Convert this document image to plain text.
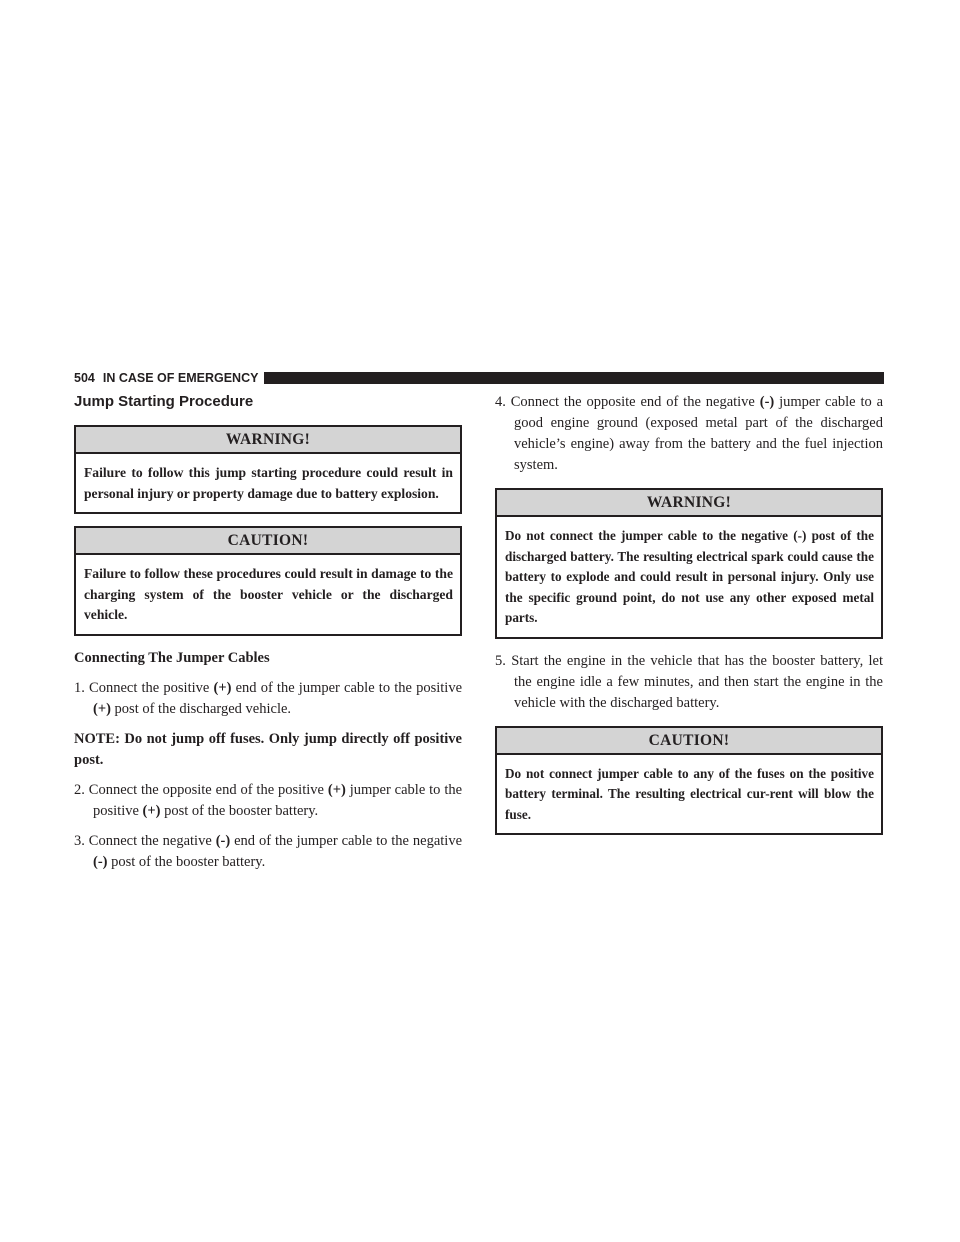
504 IN CASE OF EMERGENCY
Jump Starting Procedure
WARNING!
Failure to follow this jump starting procedure could result in personal injury or property damage due to battery explosion.
CAUTION!
Failure to follow these procedures could result in damage to the charging system of the booster vehicle or the discharged vehicle.
Connecting The Jumper Cables
1. Connect the positive (+) end of the jumper cable to the positive (+) post of the discharged vehicle.
NOTE: Do not jump off fuses. Only jump directly off positive post.
2. Connect the opposite end of the positive (+) jumper cable to the positive (+) post of the booster battery.
3. Connect the negative (-) end of the jumper cable to the negative (-) post of the booster battery.
4. Connect the opposite end of the negative (-) jumper cable to a good engine ground (exposed metal part of the discharged vehicle’s engine) away from the battery and the fuel injection system.
WARNING!
Do not connect the jumper cable to the negative (-) post of the discharged battery. The resulting electrical spark could cause the battery to explode and could result in personal injury. Only use the specific ground point, do not use any other exposed metal parts.
5. Start the engine in the vehicle that has the booster battery, let the engine idle a few minutes, and then start the engine in the vehicle with the discharged battery.
CAUTION!
Do not connect jumper cable to any of the fuses on the positive battery terminal. The resulting electrical cur-rent will blow the fuse.
